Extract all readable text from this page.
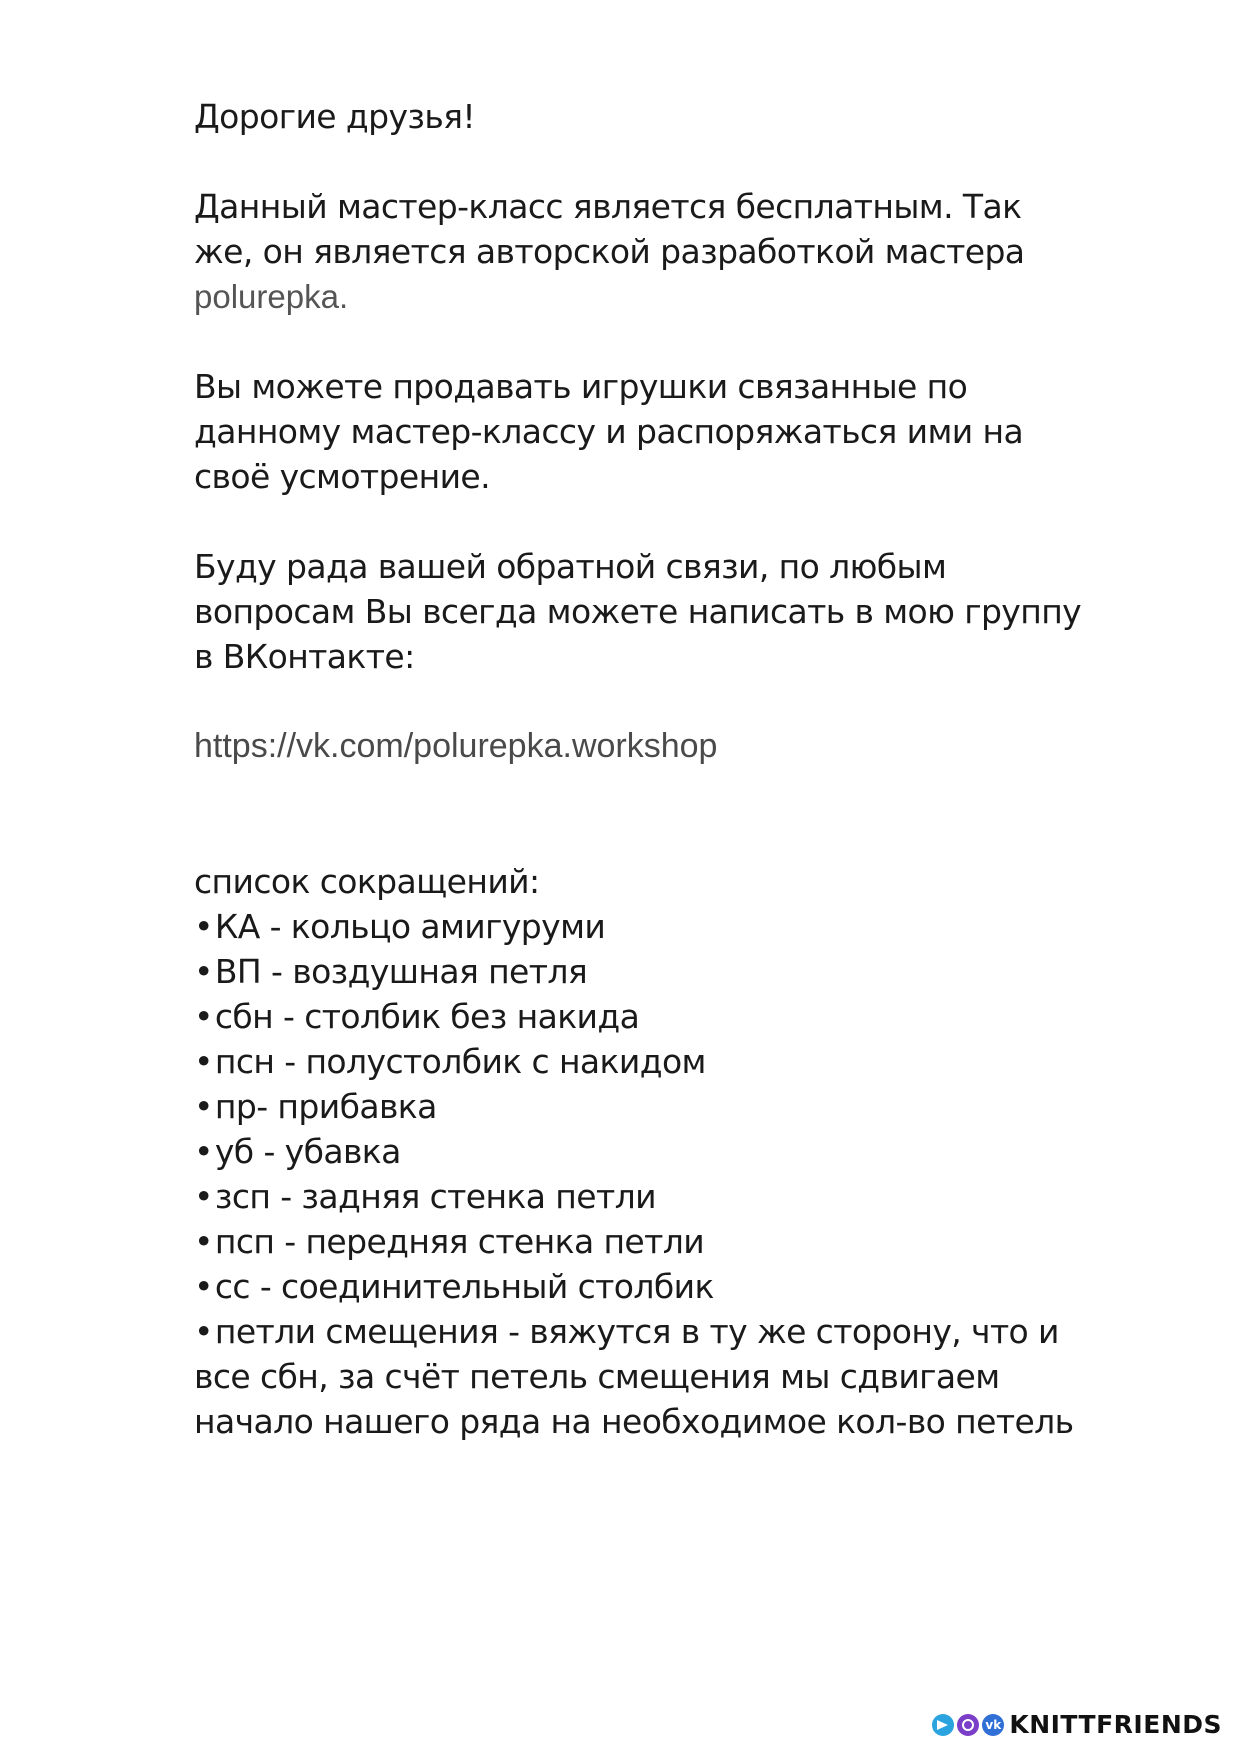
Дорогие друзья!

Данный мастер-класс является бесплатным. Так
же, он является авторской разработкой мастера
polurepka.

Вы можете продавать игрушки связанные по
данному мастер-классу и распоряжаться ими на
своё усмотрение.

Буду рада вашей обратной связи, по любым
вопросам Вы всегда можете написать в мою группу
в ВКонтакте:

https://vk.com/polurepka.workshop

список сокращений:

•КА - кольцо амигуруми
•ВП - воздушная петля
•сбн - столбик без накида
•псн - полустолбик с накидом
•пр- прибавка
•уб - убавка
•зсп - задняя стенка петли
•псп - передняя стенка петли
•сс - соединительный столбик
•петли смещения - вяжутся в ту же сторону, что и
все сбн, за счёт петель смещения мы сдвигаем
начало нашего ряда на необходимое кол-во петель
vk KNITTFRIENDS
